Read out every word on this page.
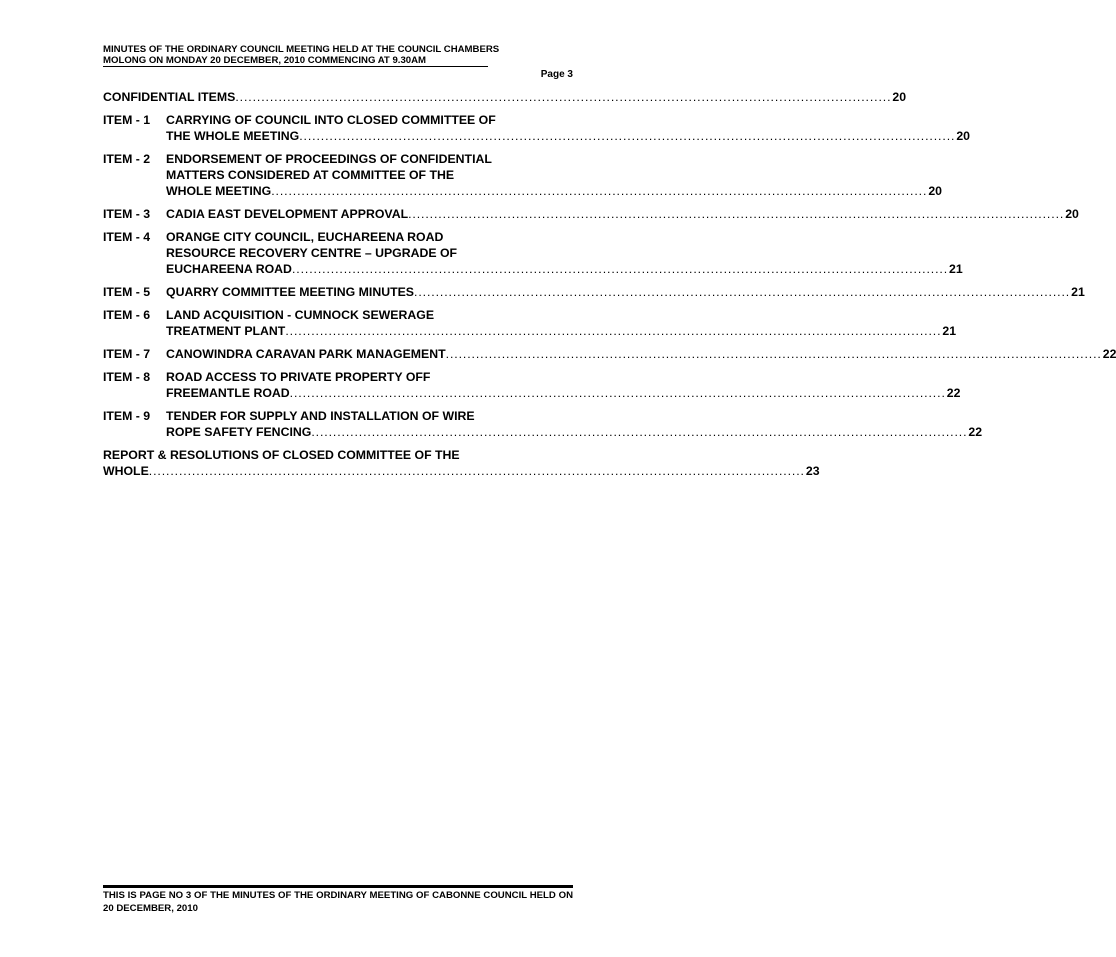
MINUTES OF THE ORDINARY COUNCIL MEETING HELD AT THE COUNCIL CHAMBERS
MOLONG ON MONDAY 20 DECEMBER, 2010 COMMENCING AT 9.30AM
Page 3
CONFIDENTIAL ITEMS ........................................................................................................................................................ 20
ITEM - 1	CARRYING OF COUNCIL INTO CLOSED COMMITTEE OF
THE WHOLE MEETING ........................................................................................................................................................ 20
ITEM - 2	ENDORSEMENT OF PROCEEDINGS OF CONFIDENTIAL
MATTERS CONSIDERED AT COMMITTEE OF THE
WHOLE MEETING ........................................................................................................................................................ 20
ITEM - 3	CADIA EAST DEVELOPMENT APPROVAL ........................................................................................................................................................ 20
ITEM - 4	ORANGE CITY COUNCIL, EUCHAREENA ROAD
RESOURCE RECOVERY CENTRE – UPGRADE OF
EUCHAREENA ROAD ........................................................................................................................................................ 21
ITEM - 5	QUARRY COMMITTEE MEETING MINUTES ........................................................................................................................................................ 21
ITEM - 6	LAND ACQUISITION - CUMNOCK SEWERAGE
TREATMENT PLANT ........................................................................................................................................................ 21
ITEM - 7	CANOWINDRA CARAVAN PARK MANAGEMENT ........................................................................................................................................................ 22
ITEM - 8	ROAD ACCESS TO PRIVATE PROPERTY OFF
FREEMANTLE ROAD ........................................................................................................................................................ 22
ITEM - 9	TENDER FOR SUPPLY AND INSTALLATION OF WIRE
ROPE SAFETY FENCING ........................................................................................................................................................ 22
REPORT & RESOLUTIONS OF CLOSED COMMITTEE OF THE
WHOLE ........................................................................................................................................................ 23
THIS IS PAGE NO 3 OF THE MINUTES OF THE ORDINARY MEETING OF CABONNE COUNCIL HELD ON 20 DECEMBER, 2010
